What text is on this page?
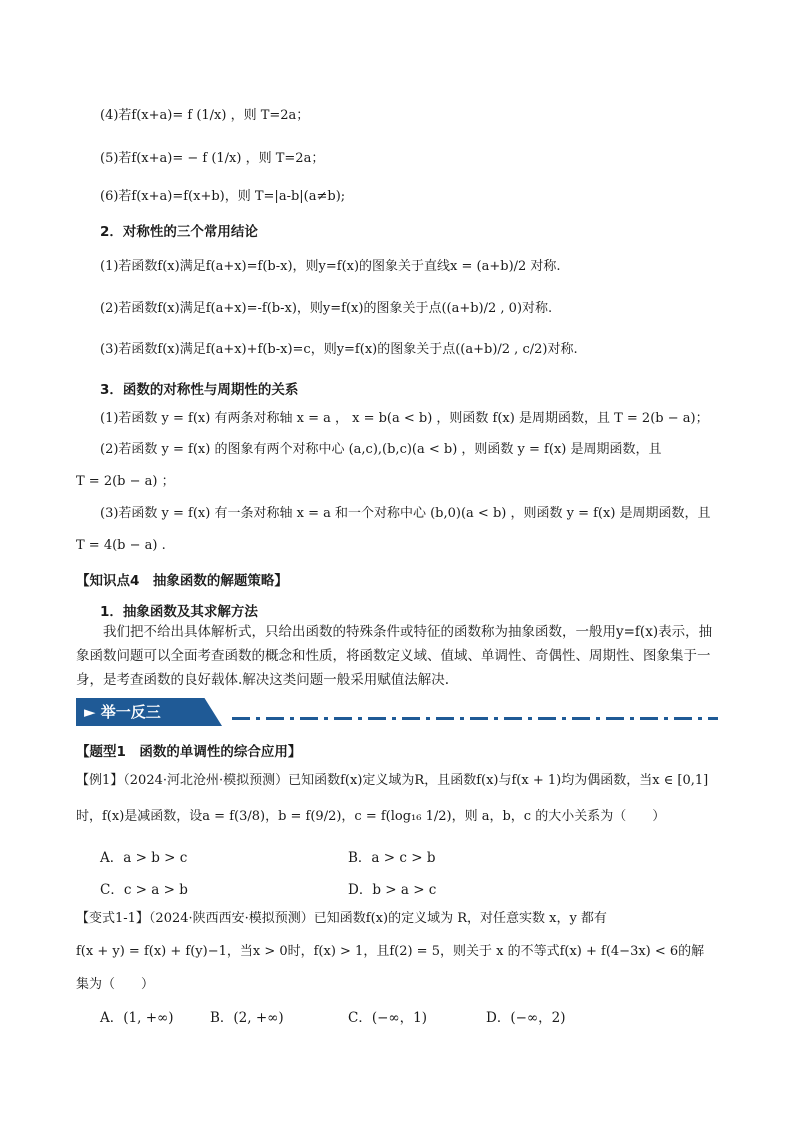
(4)若f(x+a)= f (1/x) ，则 T=2a；
(5)若f(x+a)= − f (1/x) ，则 T=2a；
(6)若f(x+a)=f(x+b)，则 T=|a-b|(a≠b);
2．对称性的三个常用结论
(1)若函数f(x)满足f(a+x)=f(b-x)，则y=f(x)的图象关于直线x = (a+b)/2 对称.
(2)若函数f(x)满足f(a+x)=-f(b-x)，则y=f(x)的图象关于点((a+b)/2 , 0)对称.
(3)若函数f(x)满足f(a+x)+f(b-x)=c，则y=f(x)的图象关于点((a+b)/2 , c/2)对称.
3．函数的对称性与周期性的关系
(1)若函数 y = f(x) 有两条对称轴 x = a ， x = b(a < b) ，则函数 f(x) 是周期函数，且 T = 2(b − a)；
(2)若函数 y = f(x) 的图象有两个对称中心 (a,c),(b,c)(a < b) ，则函数 y = f(x) 是周期函数，且
T = 2(b − a) ；
(3)若函数 y = f(x) 有一条对称轴 x = a 和一个对称中心 (b,0)(a < b) ，则函数 y = f(x) 是周期函数，且
T = 4(b − a) .
【知识点4　抽象函数的解题策略】
1．抽象函数及其求解方法
我们把不给出具体解析式，只给出函数的特殊条件或特征的函数称为抽象函数，一般用y=f(x)表示，抽象函数问题可以全面考查函数的概念和性质，将函数定义域、值域、单调性、奇偶性、周期性、图象集于一身，是考查函数的良好载体.解决这类问题一般采用赋值法解决.
► 举一反三
【题型1　函数的单调性的综合应用】
【例1】（2024·河北沧州·模拟预测）已知函数f(x)定义域为R，且函数f(x)与f(x + 1)均为偶函数，当x ∈ [0,1]
时，f(x)是减函数，设a = f(3/8)，b = f(9/2)，c = f(log₁₆ 1/2)，则 a，b，c 的大小关系为（　　）
A．a > b > c	B．a > c > b
C．c > a > b	D．b > a > c
【变式1-1】（2024·陕西西安·模拟预测）已知函数f(x)的定义域为 R，对任意实数 x，y 都有
f(x + y) = f(x) + f(y)−1，当x > 0时，f(x) > 1，且f(2) = 5，则关于 x 的不等式f(x) + f(4−3x) < 6的解
集为（　　）
A．(1, +∞)	B．(2, +∞)	C．(−∞，1)	D．(−∞，2)
